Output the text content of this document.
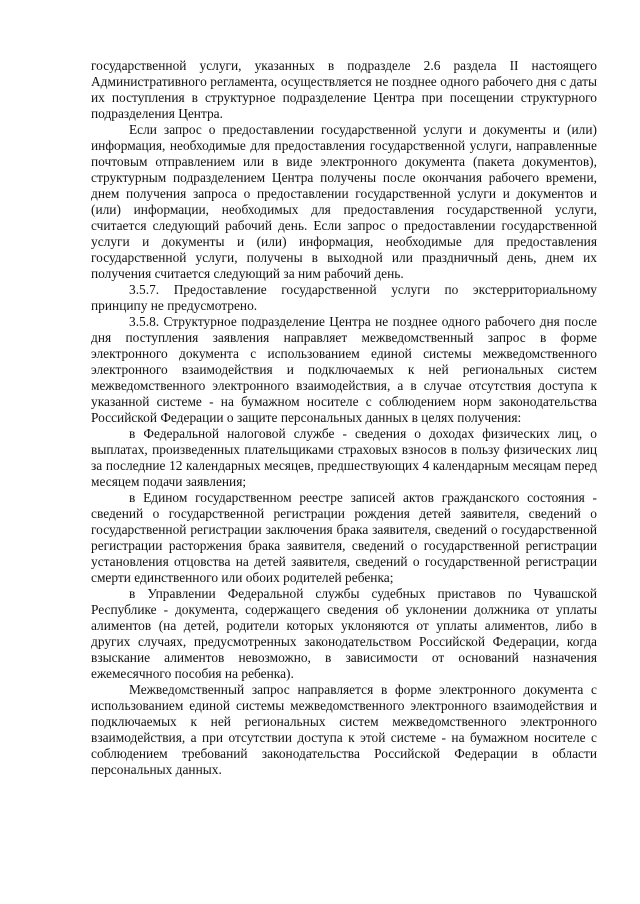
государственной услуги, указанных в подразделе 2.6 раздела II настоящего Административного регламента, осуществляется не позднее одного рабочего дня с даты их поступления в структурное подразделение Центра при посещении структурного подразделения Центра.

Если запрос о предоставлении государственной услуги и документы и (или) информация, необходимые для предоставления государственной услуги, направленные почтовым отправлением или в виде электронного документа (пакета документов), структурным подразделением Центра получены после окончания рабочего времени, днем получения запроса о предоставлении государственной услуги и документов и (или) информации, необходимых для предоставления государственной услуги, считается следующий рабочий день. Если запрос о предоставлении государственной услуги и документы и (или) информация, необходимые для предоставления государственной услуги, получены в выходной или праздничный день, днем их получения считается следующий за ним рабочий день.

3.5.7. Предоставление государственной услуги по экстерриториальному принципу не предусмотрено.

3.5.8. Структурное подразделение Центра не позднее одного рабочего дня после дня поступления заявления направляет межведомственный запрос в форме электронного документа с использованием единой системы межведомственного электронного взаимодействия и подключаемых к ней региональных систем межведомственного электронного взаимодействия, а в случае отсутствия доступа к указанной системе - на бумажном носителе с соблюдением норм законодательства Российской Федерации о защите персональных данных в целях получения:

в Федеральной налоговой службе - сведения о доходах физических лиц, о выплатах, произведенных плательщиками страховых взносов в пользу физических лиц за последние 12 календарных месяцев, предшествующих 4 календарным месяцам перед месяцем подачи заявления;

в Едином государственном реестре записей актов гражданского состояния - сведений о государственной регистрации рождения детей заявителя, сведений о государственной регистрации заключения брака заявителя, сведений о государственной регистрации расторжения брака заявителя, сведений о государственной регистрации установления отцовства на детей заявителя, сведений о государственной регистрации смерти единственного или обоих родителей ребенка;

в Управлении Федеральной службы судебных приставов по Чувашской Республике - документа, содержащего сведения об уклонении должника от уплаты алиментов (на детей, родители которых уклоняются от уплаты алиментов, либо в других случаях, предусмотренных законодательством Российской Федерации, когда взыскание алиментов невозможно, в зависимости от оснований назначения ежемесячного пособия на ребенка).

Межведомственный запрос направляется в форме электронного документа с использованием единой системы межведомственного электронного взаимодействия и подключаемых к ней региональных систем межведомственного электронного взаимодействия, а при отсутствии доступа к этой системе - на бумажном носителе с соблюдением требований законодательства Российской Федерации в области персональных данных.
